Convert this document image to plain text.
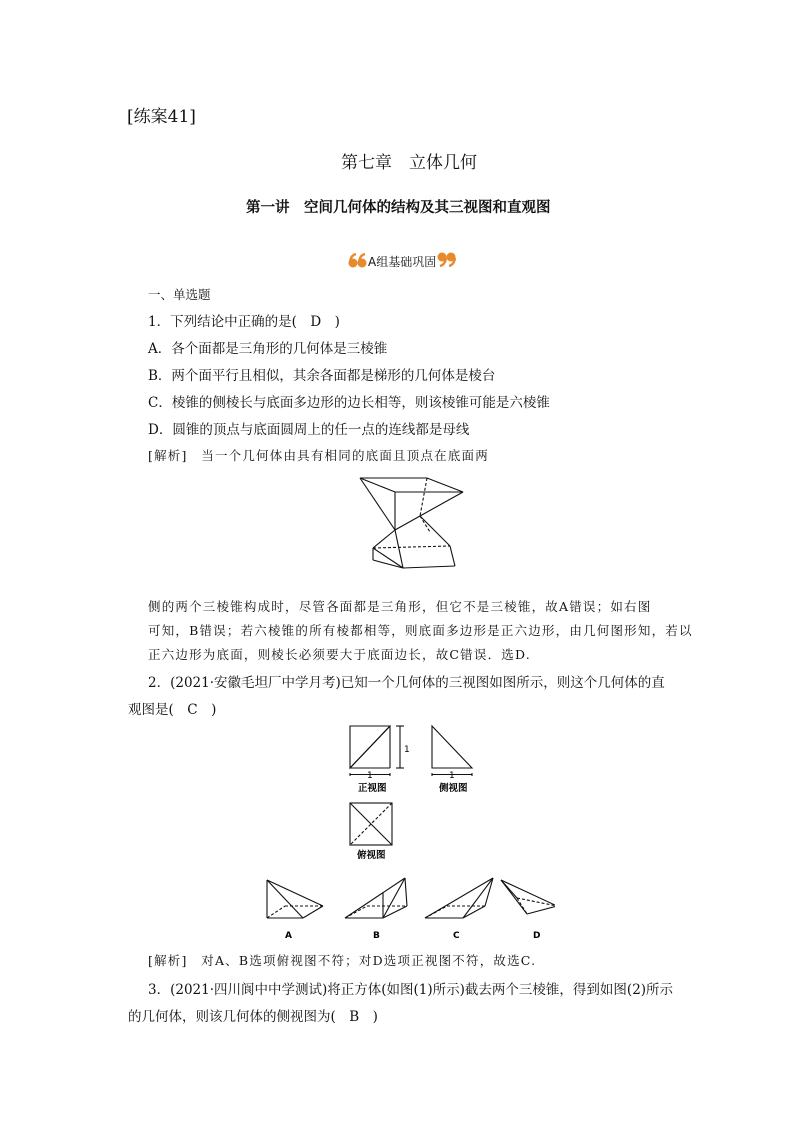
[练案41]
第七章　立体几何
第一讲　空间几何体的结构及其三视图和直观图
A组基础巩固
一、单选题
1．下列结论中正确的是(　D　)
A．各个面都是三角形的几何体是三棱锥
B．两个面平行且相似，其余各面都是梯形的几何体是棱台
C．棱锥的侧棱长与底面多边形的边长相等，则该棱锥可能是六棱锥
D．圆锥的顶点与底面圆周上的任一点的连线都是母线
[解析]　当一个几何体由具有相同的底面且顶点在底面两
侧的两个三棱锥构成时，尽管各面都是三角形，但它不是三棱锥，故A错误；如右图
可知，B错误；若六棱锥的所有棱都相等，则底面多边形是正六边形，由几何图形知，若以
正六边形为底面，则棱长必须要大于底面边长，故C错误．选D.
2．(2021·安徽毛坦厂中学月考)已知一个几何体的三视图如图所示，则这个几何体的直
观图是(　C　)
1
1	1
正视图	侧视图
俯视图
A	B	C	D
[解析]　对A、B选项俯视图不符；对D选项正视图不符，故选C.
3．(2021·四川阆中中学测试)将正方体(如图(1)所示)截去两个三棱锥，得到如图(2)所示
的几何体，则该几何体的侧视图为(　B　)
